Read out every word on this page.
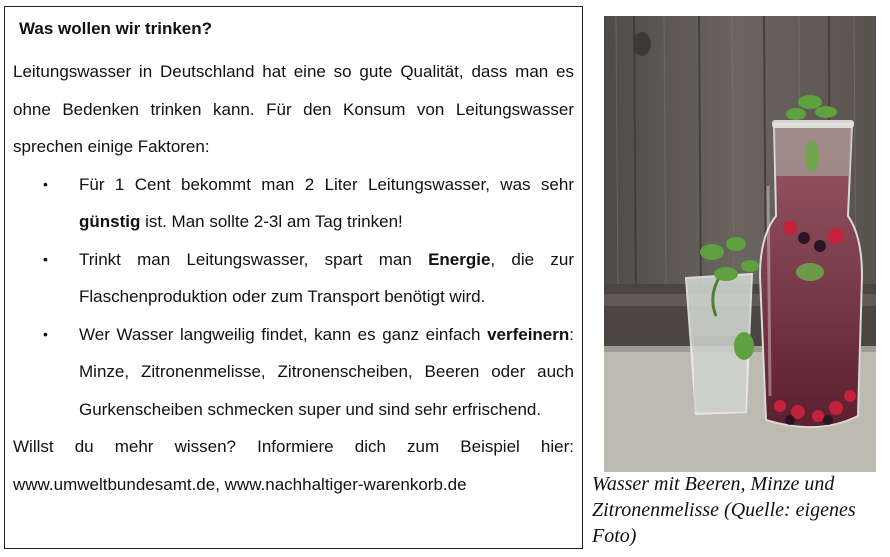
Was wollen wir trinken?

Leitungswasser in Deutschland hat eine so gute Qualität, dass man es ohne Bedenken trinken kann. Für den Konsum von Leitungswasser sprechen einige Faktoren:

• Für 1 Cent bekommt man 2 Liter Leitungswasser, was sehr günstig ist. Man sollte 2-3l am Tag trinken!
• Trinkt man Leitungswasser, spart man Energie, die zur Flaschenproduktion oder zum Transport benötigt wird.
• Wer Wasser langweilig findet, kann es ganz einfach verfeinern: Minze, Zitronenmelisse, Zitronenscheiben, Beeren oder auch Gurkenscheiben schmecken super und sind sehr erfrischend.

Willst du mehr wissen? Informiere dich zum Beispiel hier: www.umweltbundesamt.de, www.nachhaltiger-warenkorb.de	Wasser mit Beeren, Minze und Zitronenmelisse (Quelle: eigenes Foto)
